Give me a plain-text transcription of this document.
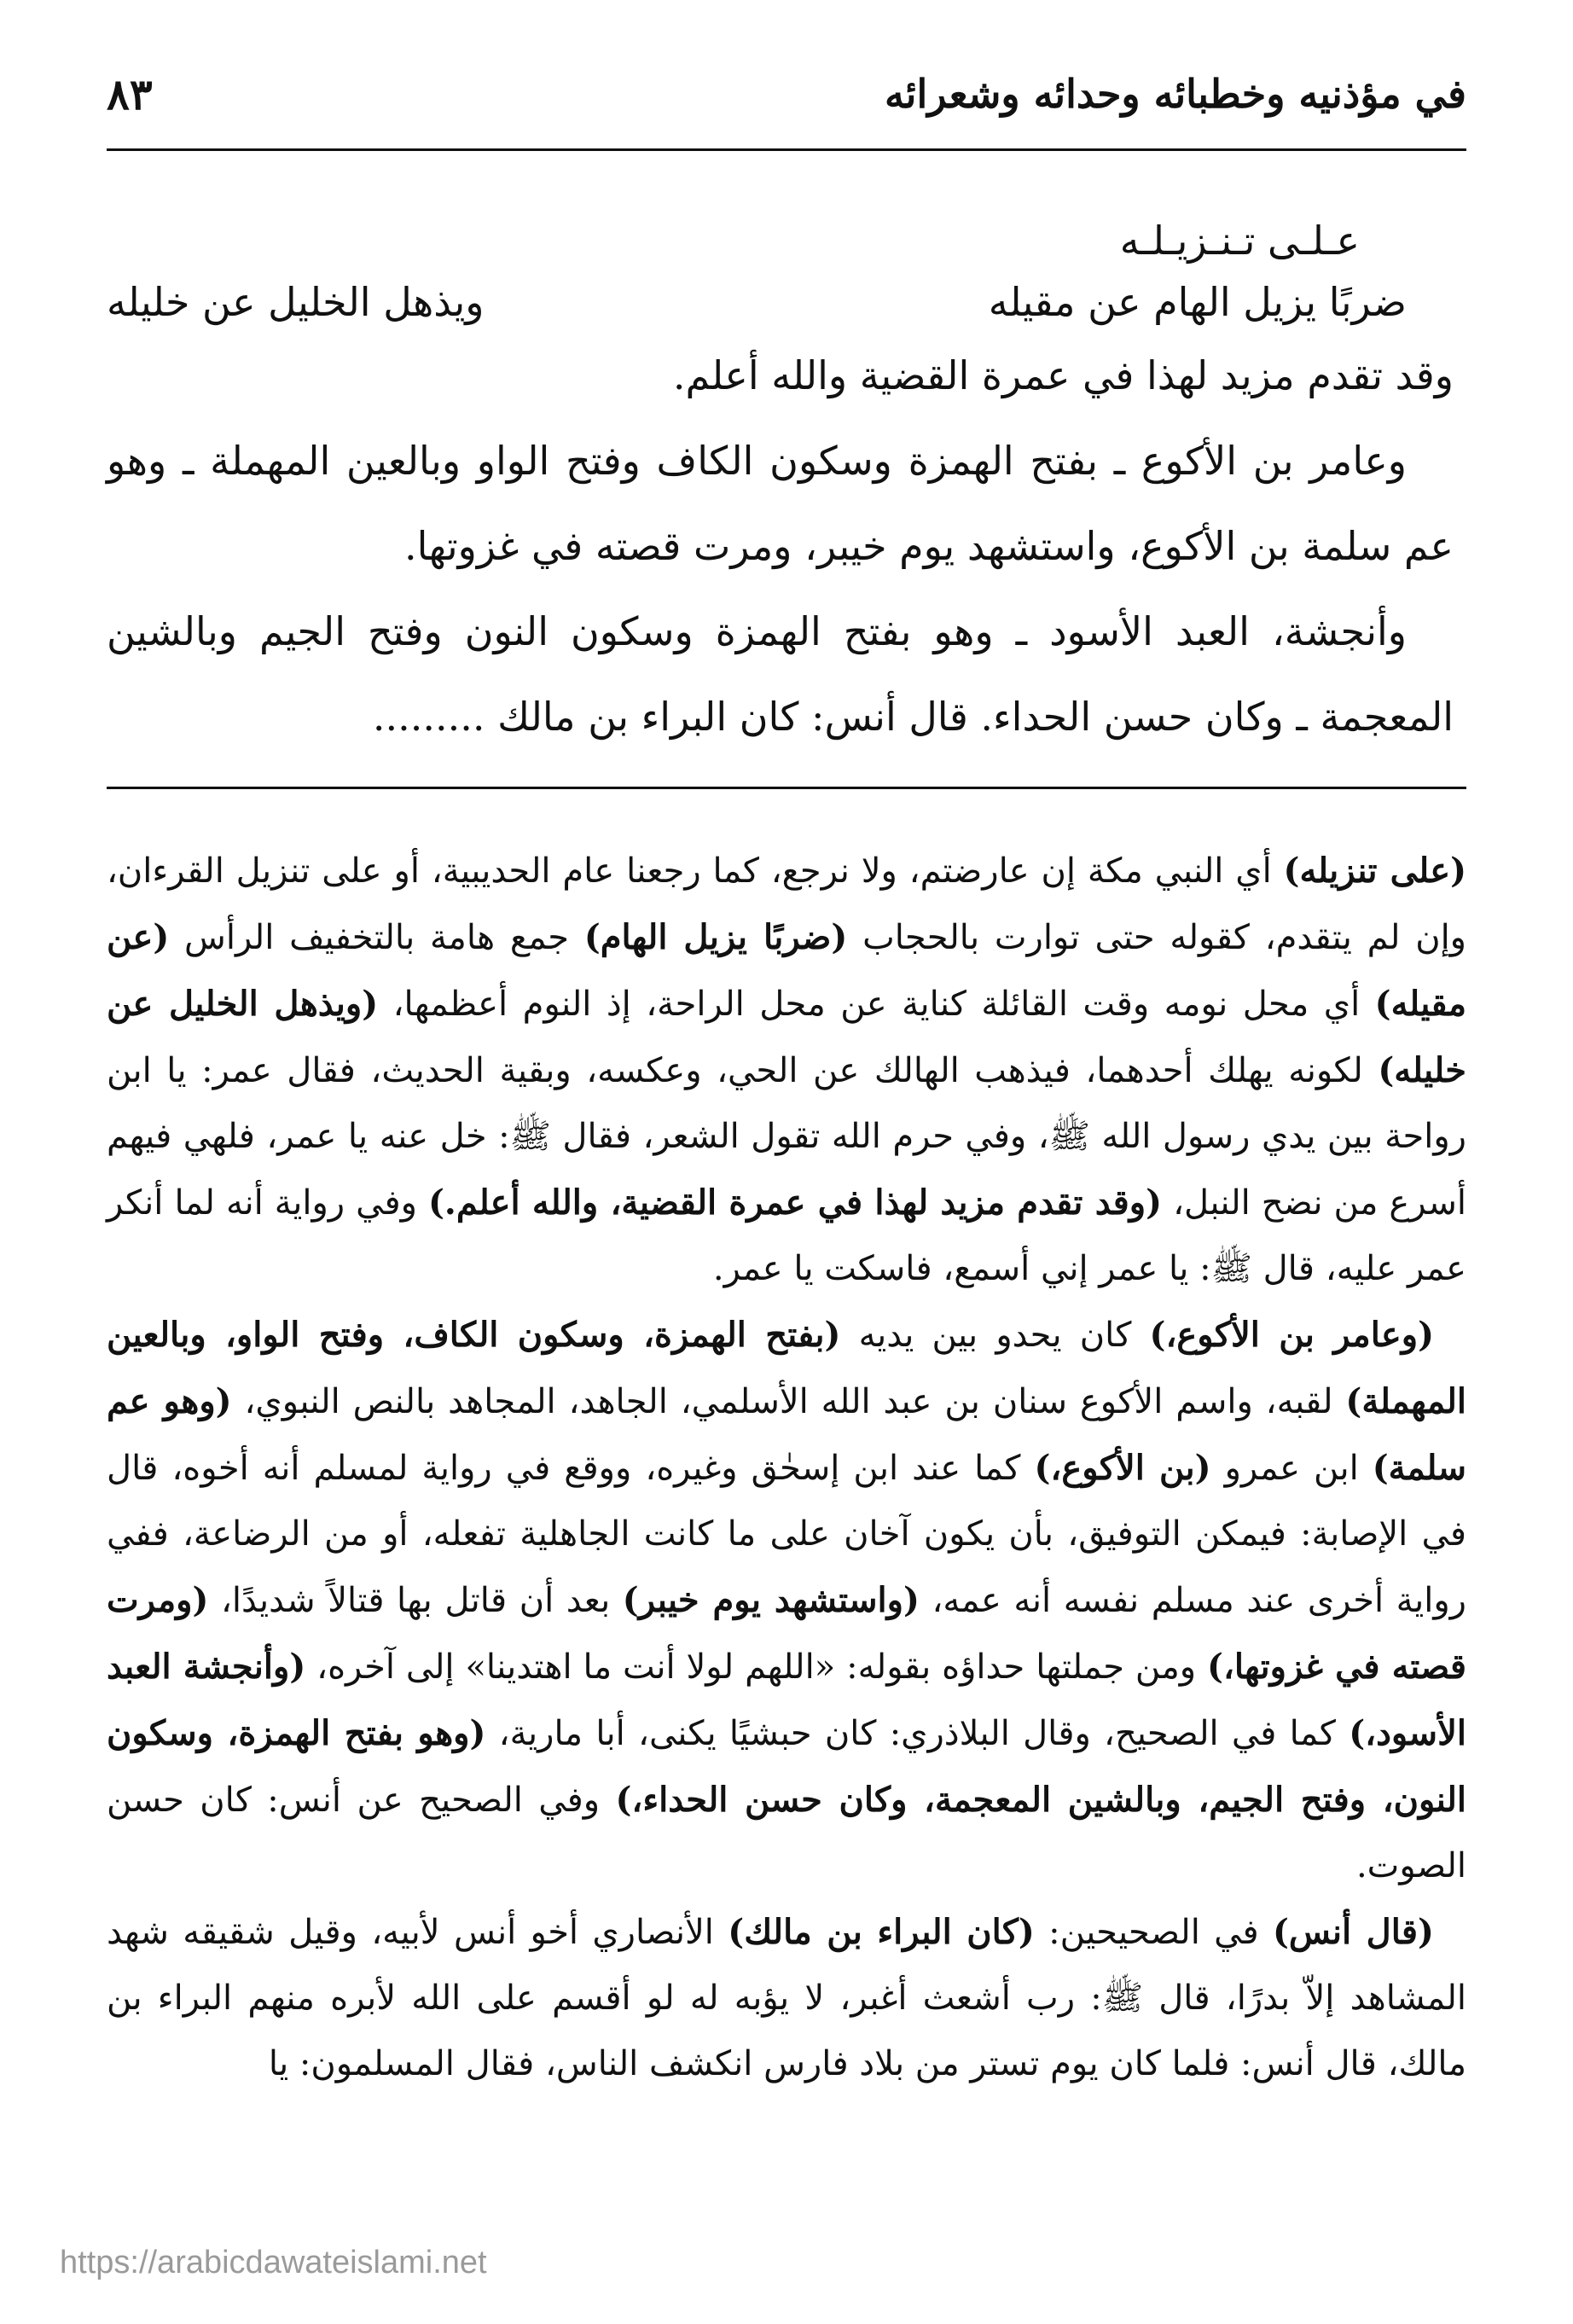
في مؤذنيه وخطبائه وحدائه وشعرائه
٨٣
عـلـى تـنـزيـلـه
ضربًا يزيل الهام عن مقيله
ويذهل الخليل عن خليله

وقد تقدم مزيد لهذا في عمرة القضية والله أعلم.

وعامر بن الأكوع ـ بفتح الهمزة وسكون الكاف وفتح الواو وبالعين المهملة ـ وهو عم سلمة بن الأكوع، واستشهد يوم خيبر، ومرت قصته في غزوتها.

وأنجشة، العبد الأسود ـ وهو بفتح الهمزة وسكون النون وفتح الجيم وبالشين المعجمة ـ وكان حسن الحداء. قال أنس: كان البراء بن مالك .........

(على تنزيله) أي النبي مكة إن عارضتم، ولا نرجع، كما رجعنا عام الحديبية، أو على تنزيل القرءان، وإن لم يتقدم، كقوله حتى توارت بالحجاب (ضربًا يزيل الهام) جمع هامة بالتخفيف الرأس (عن مقيله) أي محل نومه وقت القائلة كناية عن محل الراحة، إذ النوم أعظمها، (ويذهل الخليل عن خليله) لكونه يهلك أحدهما، فيذهب الهالك عن الحي، وعكسه، وبقية الحديث، فقال عمر: يا ابن رواحة بين يدي رسول الله ﷺ، وفي حرم الله تقول الشعر، فقال ﷺ: خل عنه يا عمر، فلهي فيهم أسرع من نضح النبل، (وقد تقدم مزيد لهذا في عمرة القضية، والله أعلم.) وفي رواية أنه لما أنكر عمر عليه، قال ﷺ: يا عمر إني أسمع، فاسكت يا عمر.

(وعامر بن الأكوع،) كان يحدو بين يديه (بفتح الهمزة، وسكون الكاف، وفتح الواو، وبالعين المهملة) لقبه، واسم الأكوع سنان بن عبد الله الأسلمي، الجاهد، المجاهد بالنص النبوي، (وهو عم سلمة) ابن عمرو (بن الأكوع،) كما عند ابن إسحٰق وغيره، ووقع في رواية لمسلم أنه أخوه، قال في الإصابة: فيمكن التوفيق، بأن يكون آخان على ما كانت الجاهلية تفعله، أو من الرضاعة، ففي رواية أخرى عند مسلم نفسه أنه عمه، (واستشهد يوم خيبر) بعد أن قاتل بها قتالاً شديدًا، (ومرت قصته في غزوتها،) ومن جملتها حداؤه بقوله: «اللهم لولا أنت ما اهتدينا» إلى آخره، (وأنجشة العبد الأسود،) كما في الصحيح، وقال البلاذري: كان حبشيًا يكنى، أبا مارية، (وهو بفتح الهمزة، وسكون النون، وفتح الجيم، وبالشين المعجمة، وكان حسن الحداء،) وفي الصحيح عن أنس: كان حسن الصوت.

(قال أنس) في الصحيحين: (كان البراء بن مالك) الأنصاري أخو أنس لأبيه، وقيل شقيقه شهد المشاهد إلاّ بدرًا، قال ﷺ: رب أشعث أغبر، لا يؤبه له لو أقسم على الله لأبره منهم البراء بن مالك، قال أنس: فلما كان يوم تستر من بلاد فارس انكشف الناس، فقال المسلمون: يا

https://arabicdawateislami.net
